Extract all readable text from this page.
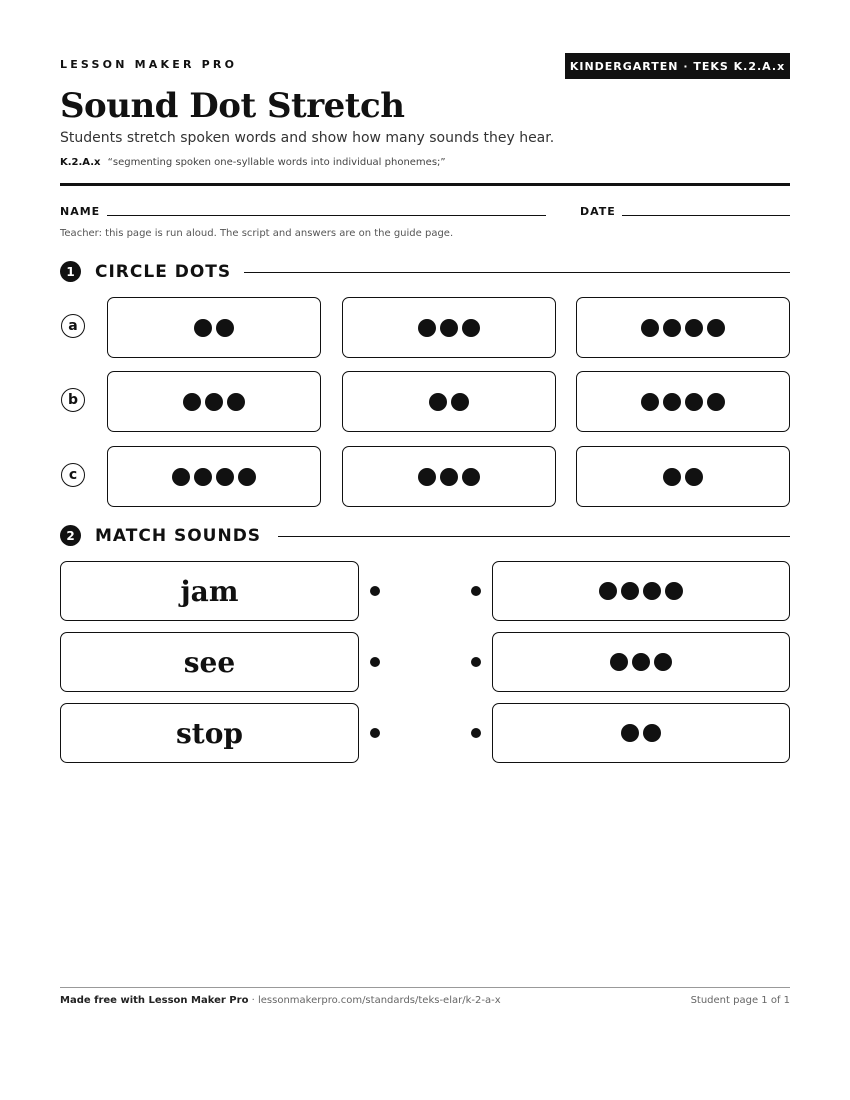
LESSON MAKER PRO	KINDERGARTEN · TEKS K.2.A.x
Sound Dot Stretch
Students stretch spoken words and show how many sounds they hear.
K.2.A.x “segmenting spoken one-syllable words into individual phonemes;”
NAME	DATE
Teacher: this page is run aloud. The script and answers are on the guide page.
1	CIRCLE DOTS
a
b
c
2	MATCH SOUNDS
jam
see
stop
Made free with Lesson Maker Pro · lessonmakerpro.com/standards/teks-elar/k-2-a-x	Student page 1 of 1
